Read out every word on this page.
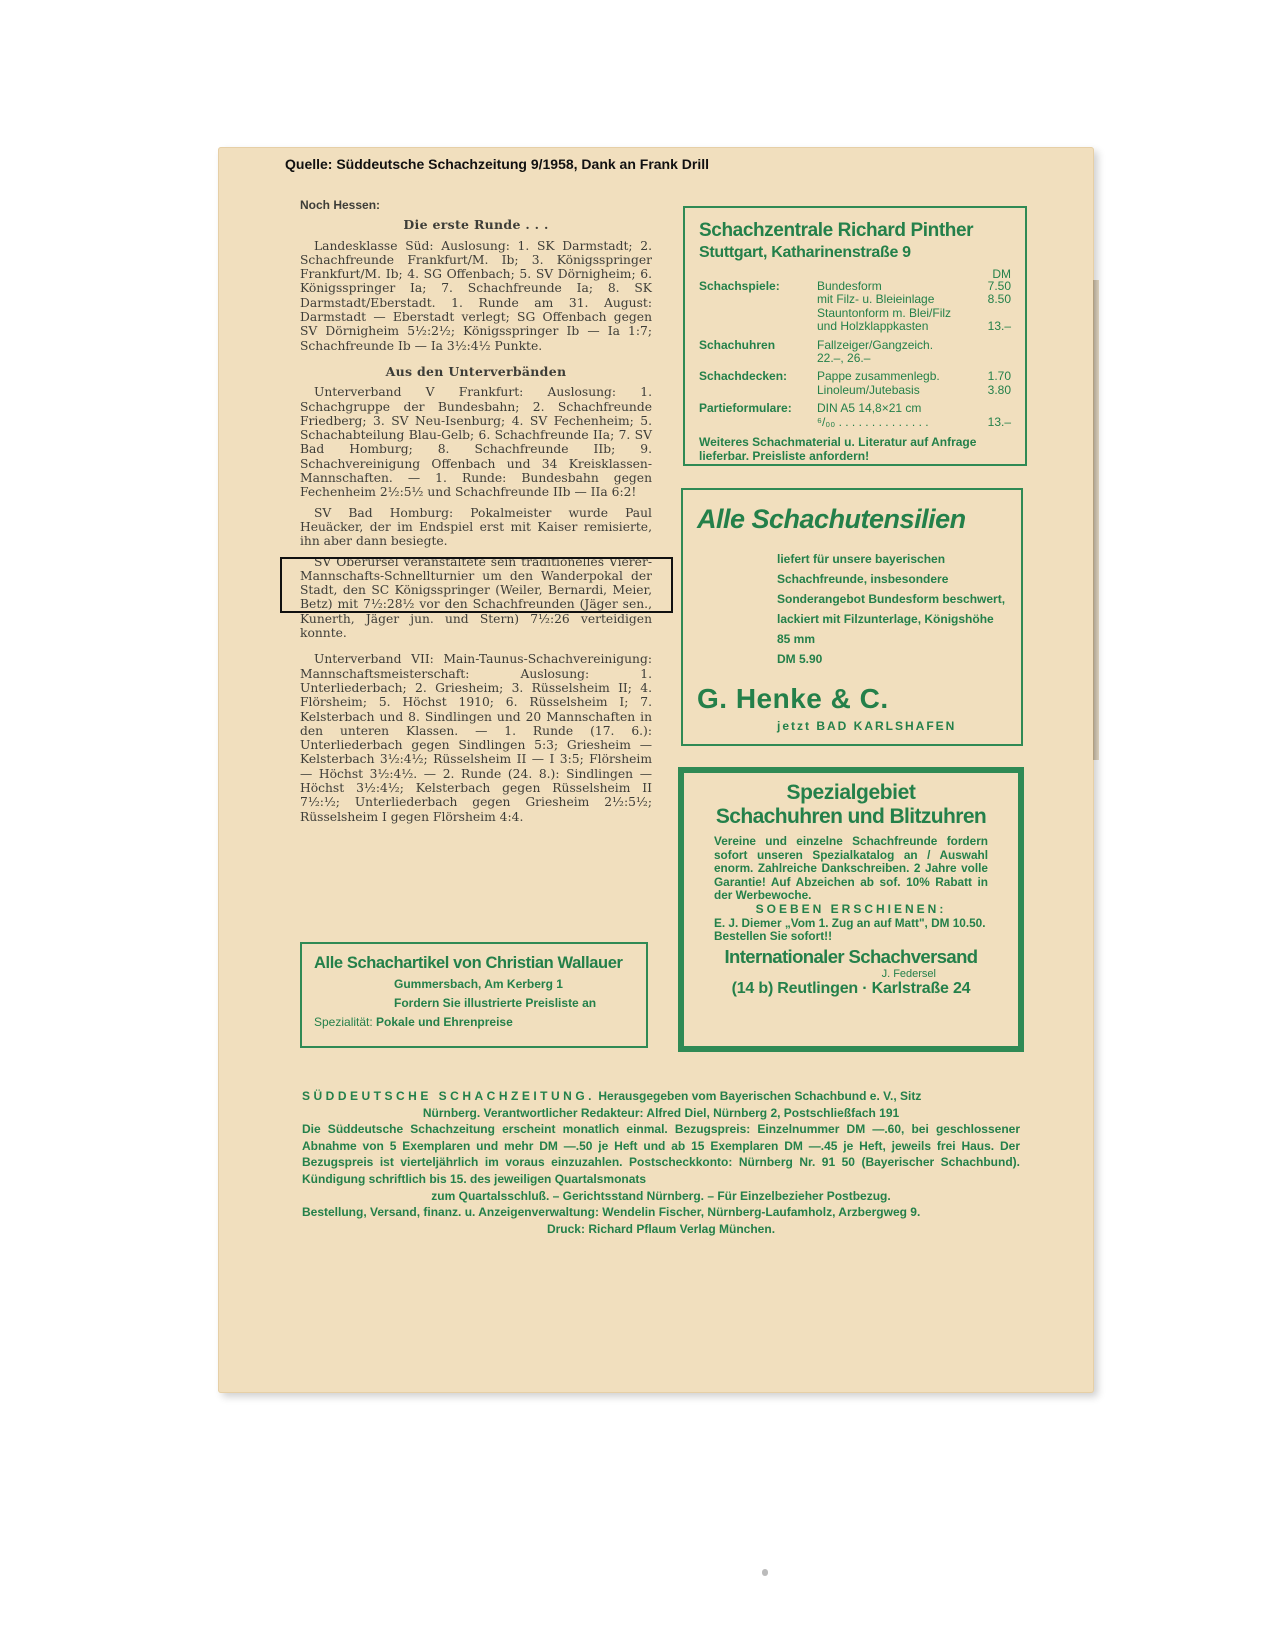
Quelle: Süddeutsche Schachzeitung 9/1958, Dank an Frank Drill
Noch Hessen:
Die erste Runde . . .

Landesklasse Süd: Auslosung: 1. SK Darmstadt; 2. Schachfreunde Frankfurt/M. Ib; 3. Königsspringer Frankfurt/M. Ib; 4. SG Offenbach; 5. SV Dörnigheim; 6. Königsspringer Ia; 7. Schachfreunde Ia; 8. SK Darmstadt/Eberstadt. 1. Runde am 31. August: Darmstadt — Eberstadt verlegt; SG Offenbach gegen SV Dörnigheim 5½:2½; Königsspringer Ib — Ia 1:7; Schachfreunde Ib — Ia 3½:4½ Punkte.

Aus den Unterverbänden

Unterverband V Frankfurt: Auslosung: 1. Schachgruppe der Bundesbahn; 2. Schachfreunde Friedberg; 3. SV Neu-Isenburg; 4. SV Fechenheim; 5. Schachabteilung Blau-Gelb; 6. Schachfreunde IIa; 7. SV Bad Homburg; 8. Schachfreunde IIb; 9. Schachvereinigung Offenbach und 34 Kreisklassen-Mannschaften. — 1. Runde: Bundesbahn gegen Fechenheim 2½:5½ und Schachfreunde IIb — IIa 6:2!

SV Bad Homburg: Pokalmeister wurde Paul Heuäcker, der im Endspiel erst mit Kaiser remisierte, ihn aber dann besiegte.

SV Oberursel veranstaltete sein traditionelles Vierer-Mannschafts-Schnellturnier um den Wanderpokal der Stadt, den SC Königsspringer (Weiler, Bernardi, Meier, Betz) mit 7½:28½ vor den Schachfreunden (Jäger sen., Kunerth, Jäger jun. und Stern) 7½:26 verteidigen konnte.

Unterverband VII: Main-Taunus-Schachvereinigung: Mannschaftsmeisterschaft: Auslosung: 1. Unterliederbach; 2. Griesheim; 3. Rüsselsheim II; 4. Flörsheim; 5. Höchst 1910; 6. Rüsselsheim I; 7. Kelsterbach und 8. Sindlingen und 20 Mannschaften in den unteren Klassen. — 1. Runde (17. 6.): Unterliederbach gegen Sindlingen 5:3; Griesheim — Kelsterbach 3½:4½; Rüsselsheim II — I 3:5; Flörsheim — Höchst 3½:4½. — 2. Runde (24. 8.): Sindlingen — Höchst 3½:4½; Kelsterbach gegen Rüsselsheim II 7½:½; Unterliederbach gegen Griesheim 2½:5½; Rüsselsheim I gegen Flörsheim 4:4.

Schachzentrale Richard Pinther
Stuttgart, Katharinenstraße 9
DM
Schachspiele:	Bundesform	7.50
mit Filz- u. Bleieinlage	8.50
Stauntonform m. Blei/Filz
und Holzklappkasten	13.–
Schachuhren	Fallzeiger/Gangzeich.
22.–, 26.–
Schachdecken:	Pappe zusammenlegb.	1.70
Linoleum/Jutebasis	3.80
Partieformulare:	DIN A5 14,8×21 cm
⁶/₀₀ . . . . . . . . . . . . . .	13.–
Weiteres Schachmaterial u. Literatur auf Anfrage lieferbar. Preisliste anfordern!
Alle Schachutensilien
liefert für unsere bayerischen Schachfreunde, insbesondere Sonderangebot Bundesform beschwert, lackiert mit Filzunterlage, Königshöhe 85 mm
DM 5.90
G. Henke & C.
jetzt BAD KARLSHAFEN
Spezialgebiet
Schachuhren und Blitzuhren
Vereine und einzelne Schachfreunde fordern sofort unseren Spezialkatalog an / Auswahl enorm. Zahlreiche Dankschreiben. 2 Jahre volle Garantie! Auf Abzeichen ab sof. 10% Rabatt in der Werbewoche.
SOEBEN ERSCHIENEN:
E. J. Diemer „Vom 1. Zug an auf Matt", DM 10.50. Bestellen Sie sofort!!
Internationaler Schachversand
J. Federsel
(14 b) Reutlingen · Karlstraße 24
Alle Schachartikel von Christian Wallauer
Gummersbach, Am Kerberg 1
Fordern Sie illustrierte Preisliste an
Spezialität: Pokale und Ehrenpreise
SÜDDEUTSCHE SCHACHZEITUNG. Herausgegeben vom Bayerischen Schachbund e. V., Sitz
Nürnberg. Verantwortlicher Redakteur: Alfred Diel, Nürnberg 2, Postschließfach 191
Die Süddeutsche Schachzeitung erscheint monatlich einmal. Bezugspreis: Einzelnummer DM —.60, bei geschlossener Abnahme von 5 Exemplaren und mehr DM —.50 je Heft und ab 15 Exemplaren DM —.45 je Heft, jeweils frei Haus. Der Bezugspreis ist vierteljährlich im voraus einzuzahlen. Postscheckkonto: Nürnberg Nr. 91 50 (Bayerischer Schachbund). Kündigung schriftlich bis 15. des jeweiligen Quartalsmonats
zum Quartalsschluß. – Gerichtsstand Nürnberg. – Für Einzelbezieher Postbezug.
Bestellung, Versand, finanz. u. Anzeigenverwaltung: Wendelin Fischer, Nürnberg-Laufamholz, Arzbergweg 9.
Druck: Richard Pflaum Verlag München.
